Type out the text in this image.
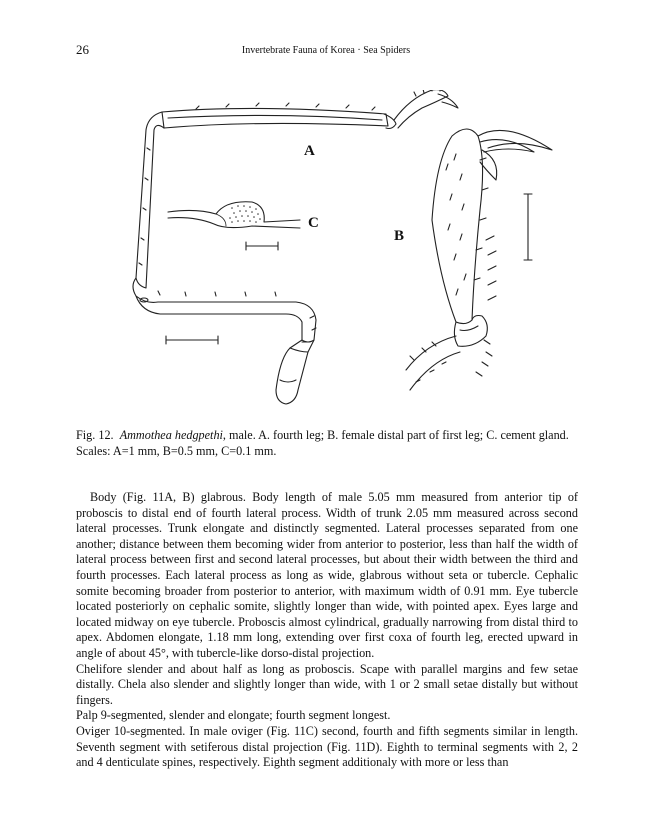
26	Invertebrate Fauna of Korea · Sea Spiders
A
C
B
Fig. 12. Ammothea hedgpethi, male. A. fourth leg; B. female distal part of first leg; C. cement gland.
Scales: A=1 mm, B=0.5 mm, C=0.1 mm.

Body (Fig. 11A, B) glabrous. Body length of male 5.05 mm measured from anterior tip of proboscis to distal end of fourth lateral process. Width of trunk 2.05 mm measured across second lateral processes. Trunk elongate and distinctly segmented. Lateral processes separated from one another; distance between them becoming wider from anterior to posterior, less than half the width of lateral process between first and second lateral processes, but about their width between the third and fourth processes. Each lateral process as long as wide, glabrous without seta or tubercle. Cephalic somite becoming broader from posterior to anterior, with maximum width of 0.91 mm. Eye tubercle located posteriorly on cephalic somite, slightly longer than wide, with pointed apex. Eyes large and located midway on eye tubercle. Proboscis almost cylindrical, gradually narrowing from distal third to apex. Abdomen elongate, 1.18 mm long, extending over first coxa of fourth leg, erected upward in angle of about 45°, with tubercle-like dorso-distal projection.

Chelifore slender and about half as long as proboscis. Scape with parallel margins and few setae distally. Chela also slender and slightly longer than wide, with 1 or 2 small setae distally but without fingers.

Palp 9-segmented, slender and elongate; fourth segment longest.

Oviger 10-segmented. In male oviger (Fig. 11C) second, fourth and fifth segments similar in length. Seventh segment with setiferous distal projection (Fig. 11D). Eighth to terminal segments with 2, 2 and 4 denticulate spines, respectively. Eighth segment additionaly with more or less than
